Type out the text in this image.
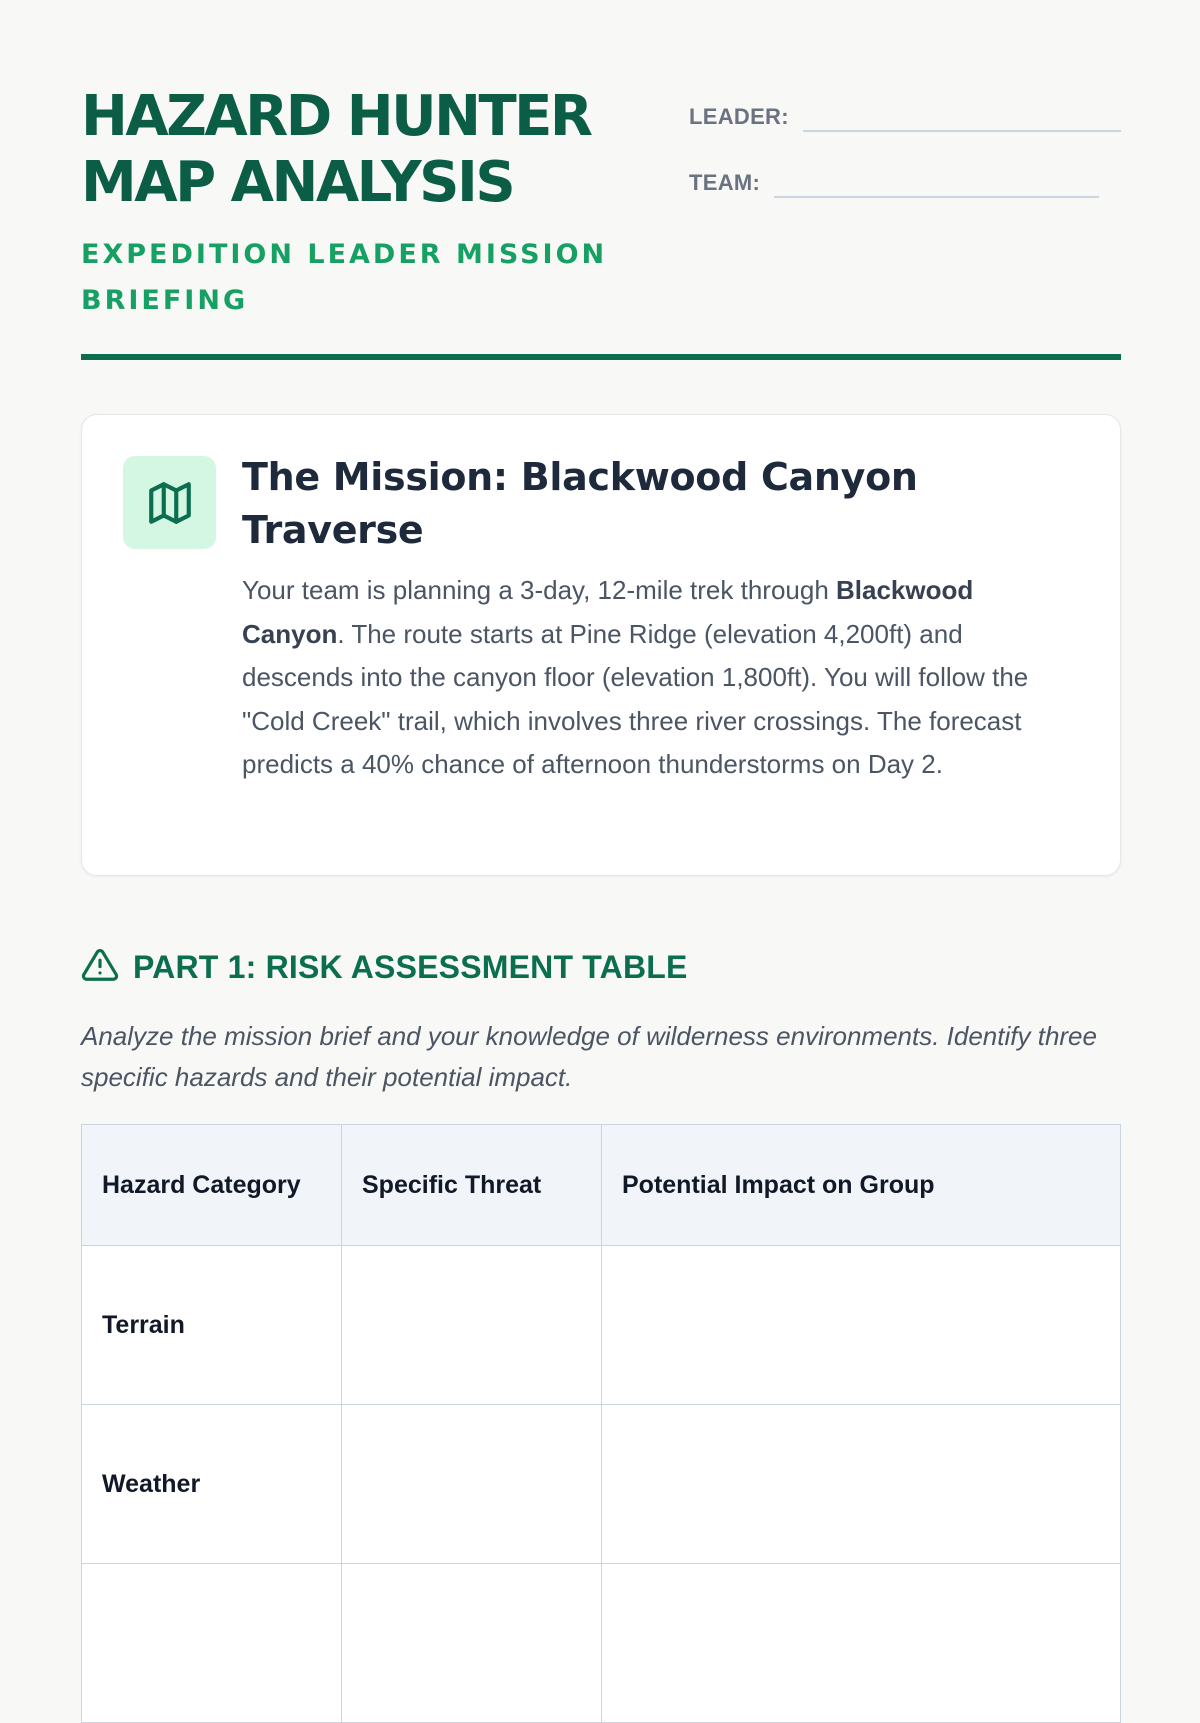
HAZARD HUNTER
MAP ANALYSIS

EXPEDITION LEADER MISSION BRIEFING

LEADER:
TEAM:
The Mission: Blackwood Canyon Traverse

Your team is planning a 3-day, 12-mile trek through Blackwood Canyon. The route starts at Pine Ridge (elevation 4,200ft) and descends into the canyon floor (elevation 1,800ft). You will follow the "Cold Creek" trail, which involves three river crossings. The forecast predicts a 40% chance of afternoon thunderstorms on Day 2.

PART 1: RISK ASSESSMENT TABLE

Analyze the mission brief and your knowledge of wilderness environments. Identify three specific hazards and their potential impact.

Hazard Category	Specific Threat	Potential Impact on Group
Terrain		
Weather		
